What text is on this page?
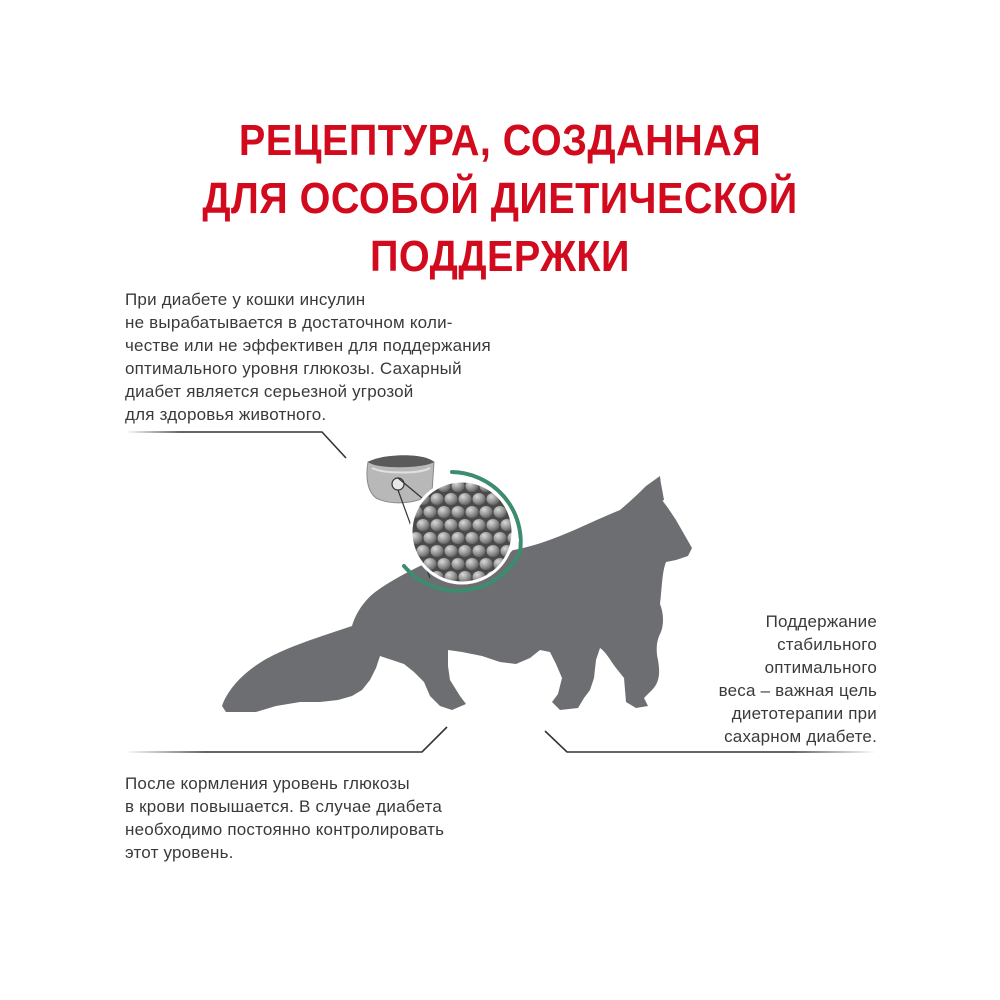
РЕЦЕПТУРА, СОЗДАННАЯ
ДЛЯ ОСОБОЙ ДИЕТИЧЕСКОЙ
ПОДДЕРЖКИ
При диабете у кошки инсулин
не вырабатывается в достаточном коли-
честве или не эффективен для поддержания
оптимального уровня глюкозы. Сахарный
диабет является серьезной угрозой
для здоровья животного.
Поддержание
стабильного
оптимального
веса – важная цель
диетотерапии при
сахарном диабете.
После кормления уровень глюкозы
в крови повышается. В случае диабета
необходимо постоянно контролировать
этот уровень.
